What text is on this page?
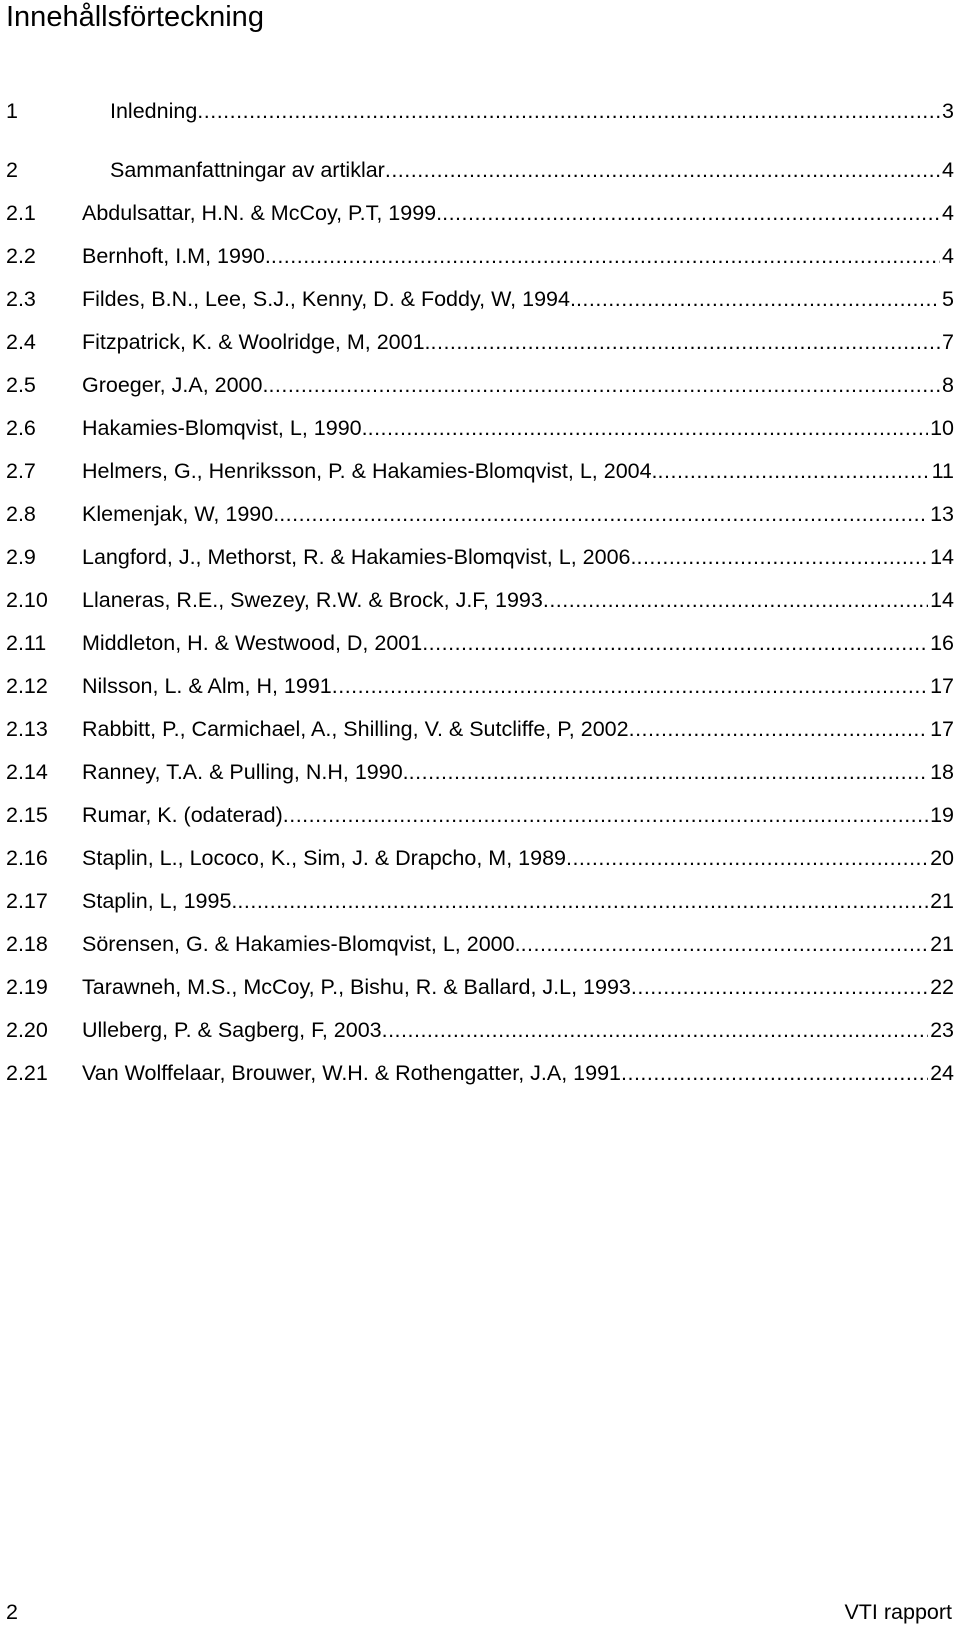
Innehållsförteckning
1	Inledning .....	3
2	Sammanfattningar av artiklar .....	4
2.1	Abdulsattar, H.N. & McCoy, P.T, 1999. .....	4
2.2	Bernhoft, I.M, 1990. .....	4
2.3	Fildes, B.N., Lee, S.J., Kenny, D. & Foddy, W, 1994. .....	5
2.4	Fitzpatrick, K. & Woolridge, M, 2001. .....	7
2.5	Groeger, J.A, 2000. .....	8
2.6	Hakamies-Blomqvist, L, 1990. .....	10
2.7	Helmers, G., Henriksson, P. & Hakamies-Blomqvist, L, 2004. .....	11
2.8	Klemenjak, W, 1990. .....	13
2.9	Langford, J., Methorst, R. & Hakamies-Blomqvist, L, 2006. .....	14
2.10	Llaneras, R.E., Swezey, R.W. & Brock, J.F, 1993 .....	14
2.11	Middleton, H. & Westwood, D, 2001 .....	16
2.12	Nilsson, L. & Alm, H, 1991 .....	17
2.13	Rabbitt, P., Carmichael, A., Shilling, V. & Sutcliffe, P, 2002 .....	17
2.14	Ranney, T.A. & Pulling, N.H, 1990. .....	18
2.15	Rumar, K. (odaterad) .....	19
2.16	Staplin, L., Lococo, K., Sim, J. & Drapcho, M, 1989 .....	20
2.17	Staplin, L, 1995. .....	21
2.18	Sörensen, G. & Hakamies-Blomqvist, L, 2000. .....	21
2.19	Tarawneh, M.S., McCoy, P., Bishu, R. & Ballard, J.L, 1993 .....	22
2.20	Ulleberg, P. & Sagberg, F, 2003 .....	23
2.21	Van Wolffelaar, Brouwer, W.H. & Rothengatter, J.A, 1991 .....	24
2	VTI rapport
